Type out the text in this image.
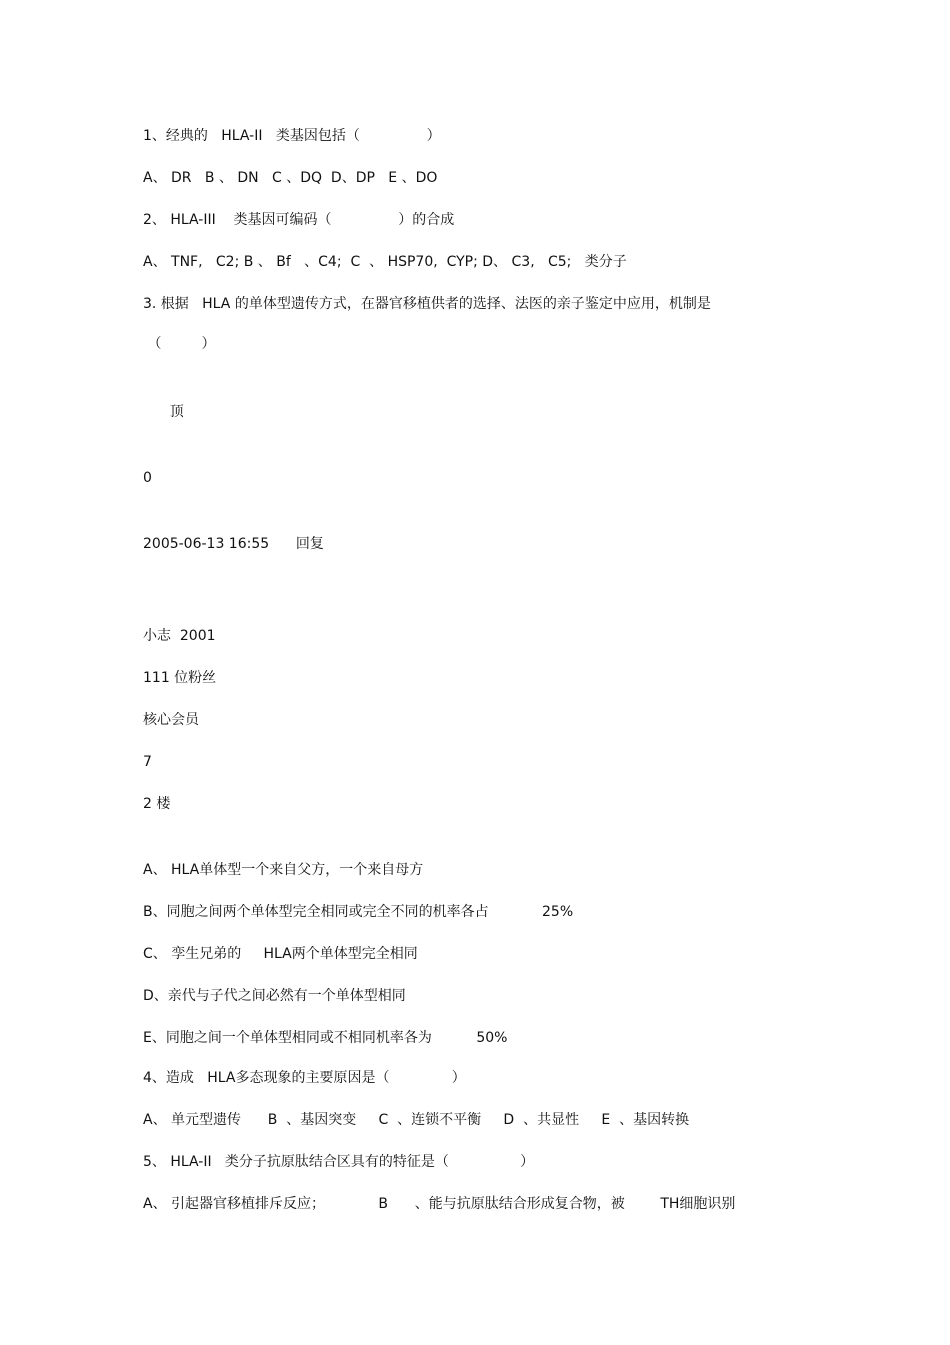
1、经典的   HLA-II   类基因包括（               ）
A、 DR   B 、 DN   C 、DQ  D、DP   E 、DO
2、 HLA-III    类基因可编码（               ）的合成
A、 TNF,   C2; B 、 Bf   、C4;  C  、 HSP70,  CYP; D、 C3,   C5;   类分子
3. 根据   HLA 的单体型遗传方式，在器官移植供者的选择、法医的亲子鉴定中应用，机制是
（         ）
顶
0
2005-06-13 16:55      回复
小志  2001
111 位粉丝
核心会员
7
2 楼
A、 HLA单体型一个来自父方，一个来自母方
B、同胞之间两个单体型完全相同或完全不同的机率各占            25%
C、 孪生兄弟的     HLA两个单体型完全相同
D、亲代与子代之间必然有一个单体型相同
E、同胞之间一个单体型相同或不相同机率各为          50%
4、造成   HLA多态现象的主要原因是（              ）
A、 单元型遗传      B  、基因突变     C  、连锁不平衡     D  、共显性     E  、基因转换
5、 HLA-II   类分子抗原肽结合区具有的特征是（                ）
A、 引起器官移植排斥反应；            B      、能与抗原肽结合形成复合物，被        TH细胞识别
